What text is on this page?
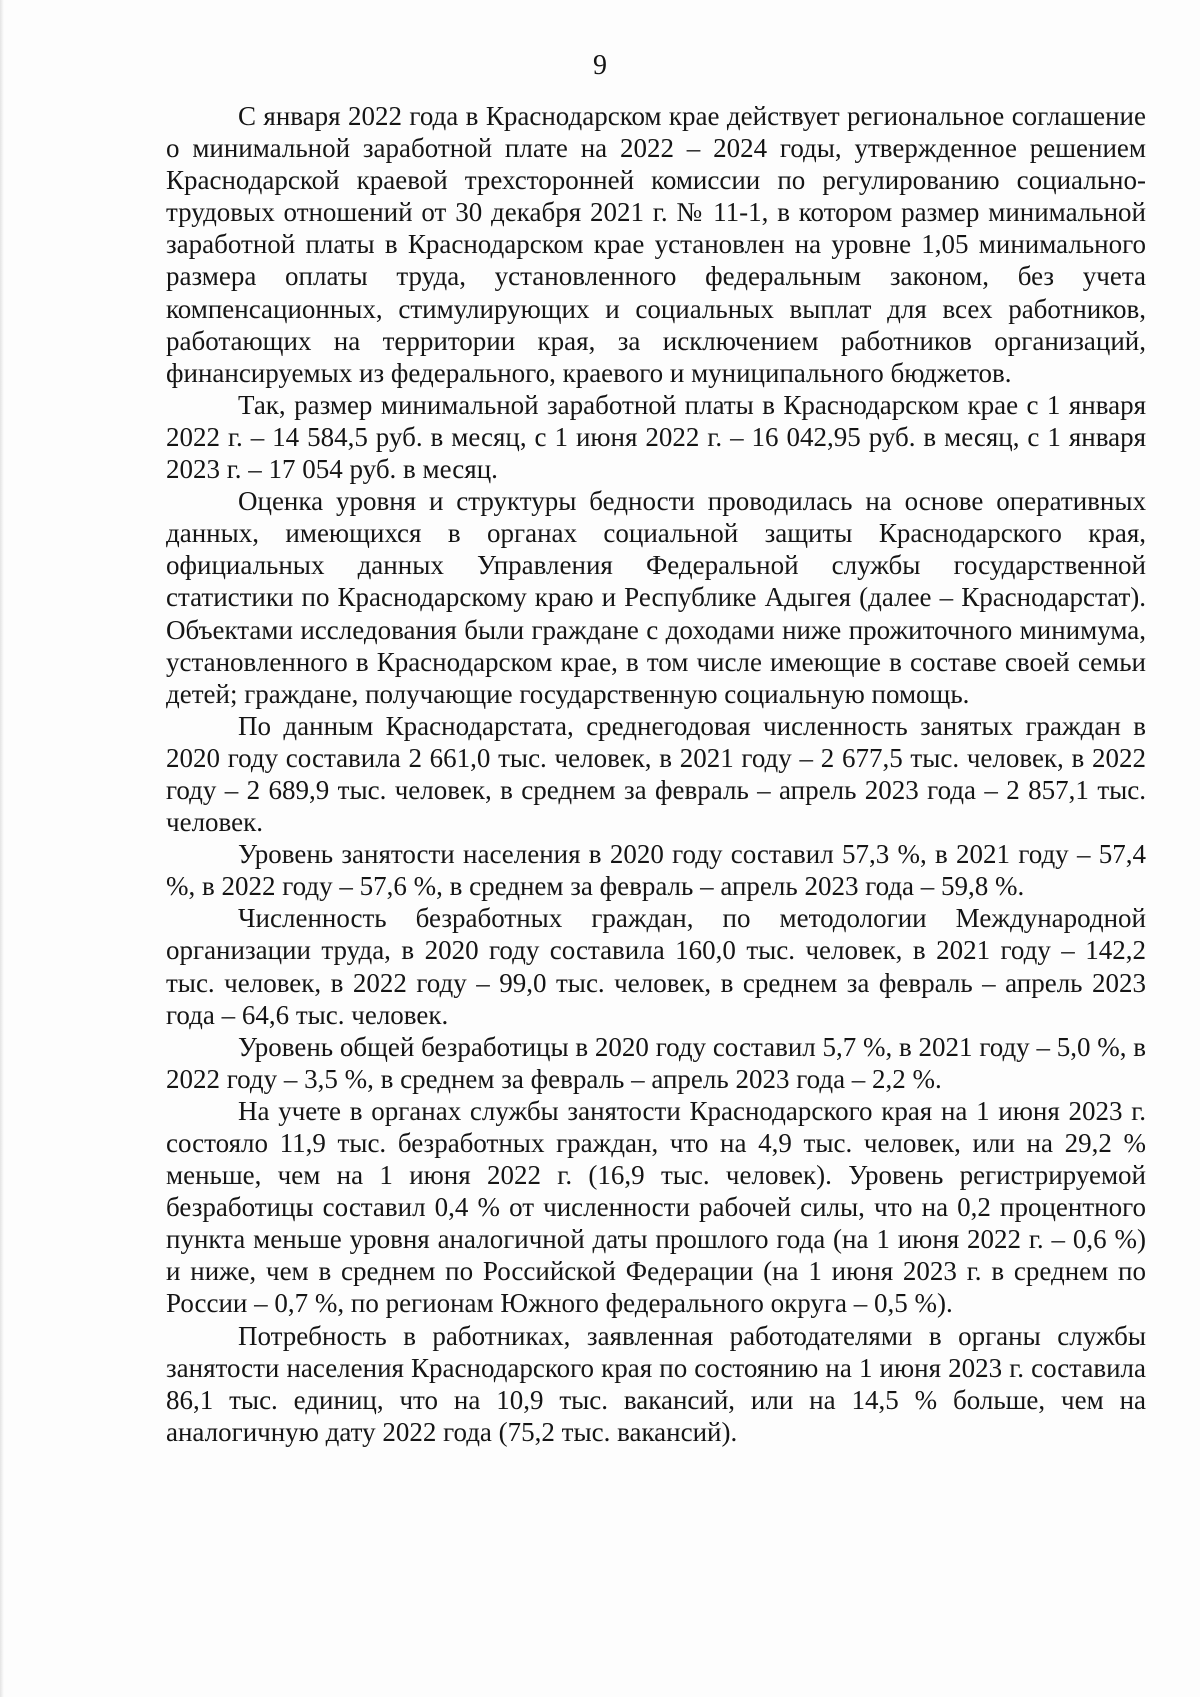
9

С января 2022 года в Краснодарском крае действует региональное соглашение о минимальной заработной плате на 2022 – 2024 годы, утвержденное решением Краснодарской краевой трехсторонней комиссии по регулированию социально-трудовых отношений от 30 декабря 2021 г. № 11-1, в котором размер минимальной заработной платы в Краснодарском крае установлен на уровне 1,05 минимального размера оплаты труда, установленного федеральным законом, без учета компенсационных, стимулирующих и социальных выплат для всех работников, работающих на территории края, за исключением работников организаций, финансируемых из федерального, краевого и муниципального бюджетов.

Так, размер минимальной заработной платы в Краснодарском крае с 1 января 2022 г. – 14 584,5 руб. в месяц, с 1 июня 2022 г. – 16 042,95 руб. в месяц, с 1 января 2023 г. – 17 054 руб. в месяц.

Оценка уровня и структуры бедности проводилась на основе оперативных данных, имеющихся в органах социальной защиты Краснодарского края, официальных данных Управления Федеральной службы государственной статистики по Краснодарскому краю и Республике Адыгея (далее – Краснодарстат). Объектами исследования были граждане с доходами ниже прожиточного минимума, установленного в Краснодарском крае, в том числе имеющие в составе своей семьи детей; граждане, получающие государственную социальную помощь.

По данным Краснодарстата, среднегодовая численность занятых граждан в 2020 году составила 2 661,0 тыс. человек, в 2021 году – 2 677,5 тыс. человек, в 2022 году – 2 689,9 тыс. человек, в среднем за февраль – апрель 2023 года – 2 857,1 тыс. человек.

Уровень занятости населения в 2020 году составил 57,3 %, в 2021 году – 57,4 %, в 2022 году – 57,6 %, в среднем за февраль – апрель 2023 года – 59,8 %.

Численность безработных граждан, по методологии Международной организации труда, в 2020 году составила 160,0 тыс. человек, в 2021 году – 142,2 тыс. человек, в 2022 году – 99,0 тыс. человек, в среднем за февраль – апрель 2023 года – 64,6 тыс. человек.

Уровень общей безработицы в 2020 году составил 5,7 %, в 2021 году – 5,0 %, в 2022 году – 3,5 %, в среднем за февраль – апрель 2023 года – 2,2 %.

На учете в органах службы занятости Краснодарского края на 1 июня 2023 г. состояло 11,9 тыс. безработных граждан, что на 4,9 тыс. человек, или на 29,2 % меньше, чем на 1 июня 2022 г. (16,9 тыс. человек). Уровень регистрируемой безработицы составил 0,4 % от численности рабочей силы, что на 0,2 процентного пункта меньше уровня аналогичной даты прошлого года (на 1 июня 2022 г. – 0,6 %) и ниже, чем в среднем по Российской Федерации (на 1 июня 2023 г. в среднем по России – 0,7 %, по регионам Южного федерального округа – 0,5 %).

Потребность в работниках, заявленная работодателями в органы службы занятости населения Краснодарского края по состоянию на 1 июня 2023 г. составила 86,1 тыс. единиц, что на 10,9 тыс. вакансий, или на 14,5 % больше, чем на аналогичную дату 2022 года (75,2 тыс. вакансий).
